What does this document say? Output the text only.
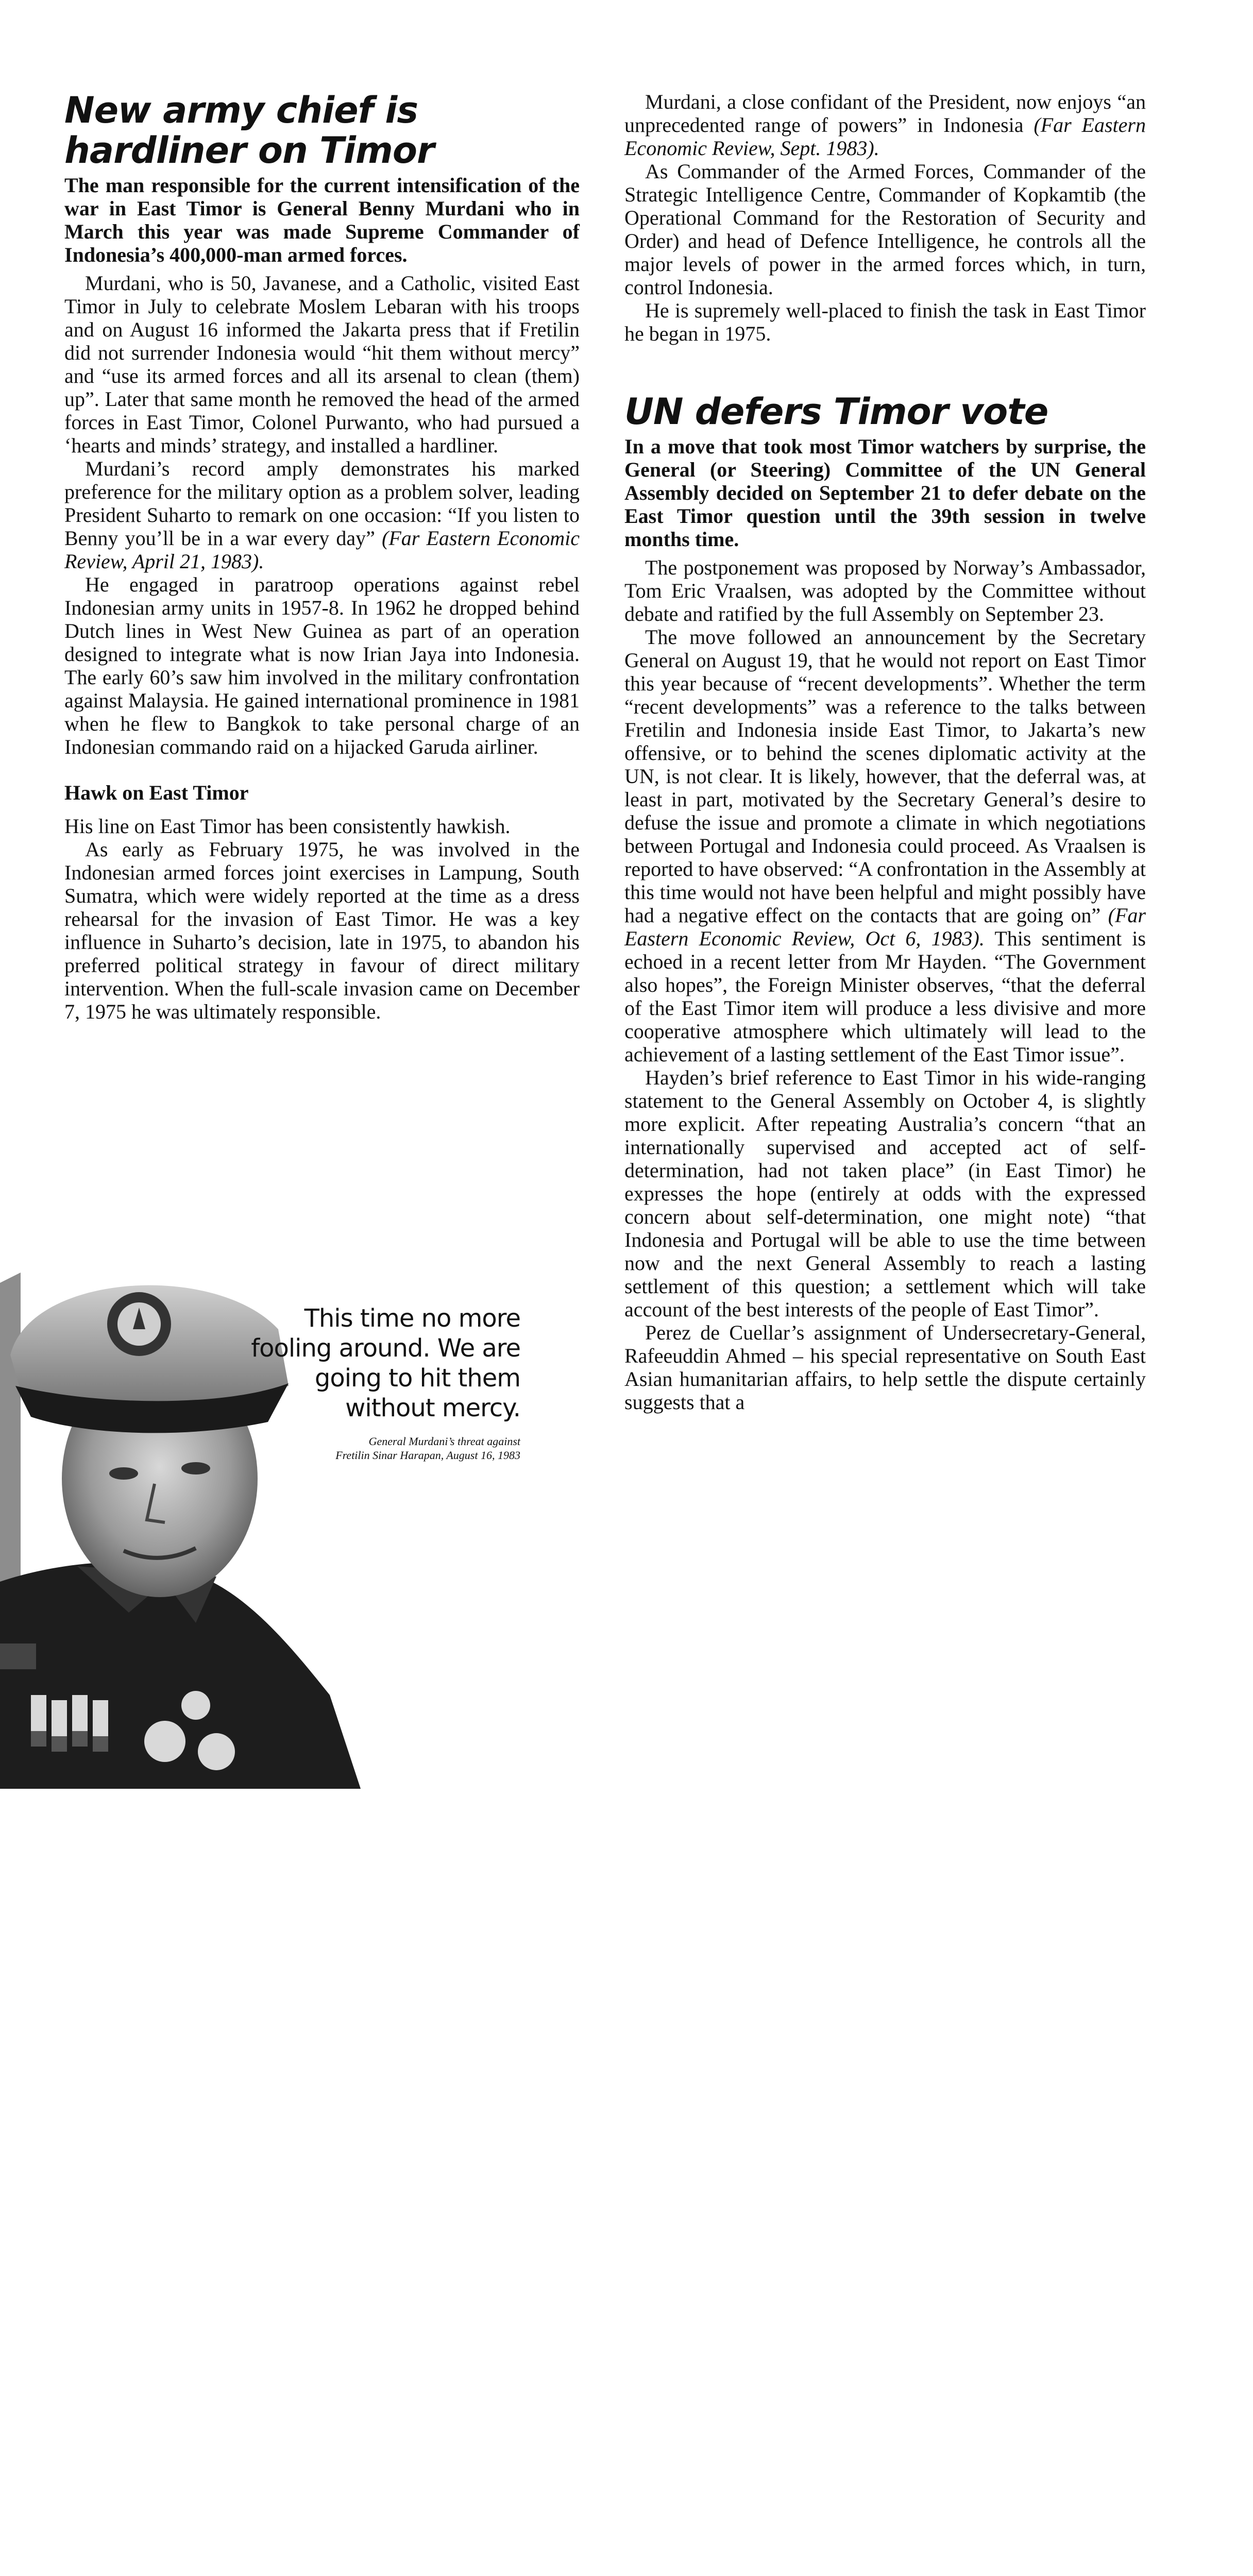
New army chief is
hardliner on Timor

The man responsible for the current intensification of the war in East Timor is General Benny Murdani who in March this year was made Supreme Commander of Indonesia’s 400,000-man armed forces.

Murdani, who is 50, Javanese, and a Catholic, visited East Timor in July to celebrate Moslem Lebaran with his troops and on August 16 informed the Jakarta press that if Fretilin did not surrender Indonesia would “hit them without mercy” and “use its armed forces and all its arsenal to clean (them) up”. Later that same month he removed the head of the armed forces in East Timor, Colonel Purwanto, who had pursued a ‘hearts and minds’ strategy, and installed a hardliner.

Murdani’s record amply demonstrates his marked preference for the military option as a problem solver, leading President Suharto to remark on one occasion: “If you listen to Benny you’ll be in a war every day” (Far Eastern Economic Review, April 21, 1983).

He engaged in paratroop operations against rebel Indonesian army units in 1957-8. In 1962 he dropped behind Dutch lines in West New Guinea as part of an operation designed to integrate what is now Irian Jaya into Indonesia. The early 60’s saw him involved in the military confrontation against Malaysia. He gained international prominence in 1981 when he flew to Bangkok to take personal charge of an Indonesian commando raid on a hijacked Garuda airliner.

Hawk on East Timor

His line on East Timor has been consistently hawkish.

As early as February 1975, he was involved in the Indonesian armed forces joint exercises in Lampung, South Sumatra, which were widely reported at the time as a dress rehearsal for the invasion of East Timor. He was a key influence in Suharto’s decision, late in 1975, to abandon his preferred political strategy in favour of direct military intervention. When the full-scale invasion came on December 7, 1975 he was ultimately responsible.

This time no more fooling around. We are going to hit them without mercy.

General Murdani’s threat against
Fretilin Sinar Harapan, August 16, 1983

Murdani, a close confidant of the President, now enjoys “an unprecedented range of powers” in Indonesia (Far Eastern Economic Review, Sept. 1983).

As Commander of the Armed Forces, Commander of the Strategic Intelligence Centre, Commander of Kopkamtib (the Operational Command for the Restoration of Security and Order) and head of Defence Intelligence, he controls all the major levels of power in the armed forces which, in turn, control Indonesia.

He is supremely well-placed to finish the task in East Timor he began in 1975.

UN defers Timor vote

In a move that took most Timor watchers by surprise, the General (or Steering) Committee of the UN General Assembly decided on September 21 to defer debate on the East Timor question until the 39th session in twelve months time.

The postponement was proposed by Norway’s Ambassador, Tom Eric Vraalsen, was adopted by the Committee without debate and ratified by the full Assembly on September 23.

The move followed an announcement by the Secretary General on August 19, that he would not report on East Timor this year because of “recent developments”. Whether the term “recent developments” was a reference to the talks between Fretilin and Indonesia inside East Timor, to Jakarta’s new offensive, or to behind the scenes diplomatic activity at the UN, is not clear. It is likely, however, that the deferral was, at least in part, motivated by the Secretary General’s desire to defuse the issue and promote a climate in which negotiations between Portugal and Indonesia could proceed. As Vraalsen is reported to have observed: “A confrontation in the Assembly at this time would not have been helpful and might possibly have had a negative effect on the contacts that are going on” (Far Eastern Economic Review, Oct 6, 1983). This sentiment is echoed in a recent letter from Mr Hayden. “The Government also hopes”, the Foreign Minister observes, “that the deferral of the East Timor item will produce a less divisive and more cooperative atmosphere which ultimately will lead to the achievement of a lasting settlement of the East Timor issue”.

Hayden’s brief reference to East Timor in his wide-ranging statement to the General Assembly on October 4, is slightly more explicit. After repeating Australia’s concern “that an internationally supervised and accepted act of self-determination, had not taken place” (in East Timor) he expresses the hope (entirely at odds with the expressed concern about self-determination, one might note) “that Indonesia and Portugal will be able to use the time between now and the next General Assembly to reach a lasting settlement of this question; a settlement which will take account of the best interests of the people of East Timor”.

Perez de Cuellar’s assignment of Undersecretary-General, Rafeeuddin Ahmed – his special representative on South East Asian humanitarian affairs, to help settle the dispute certainly suggests that a
